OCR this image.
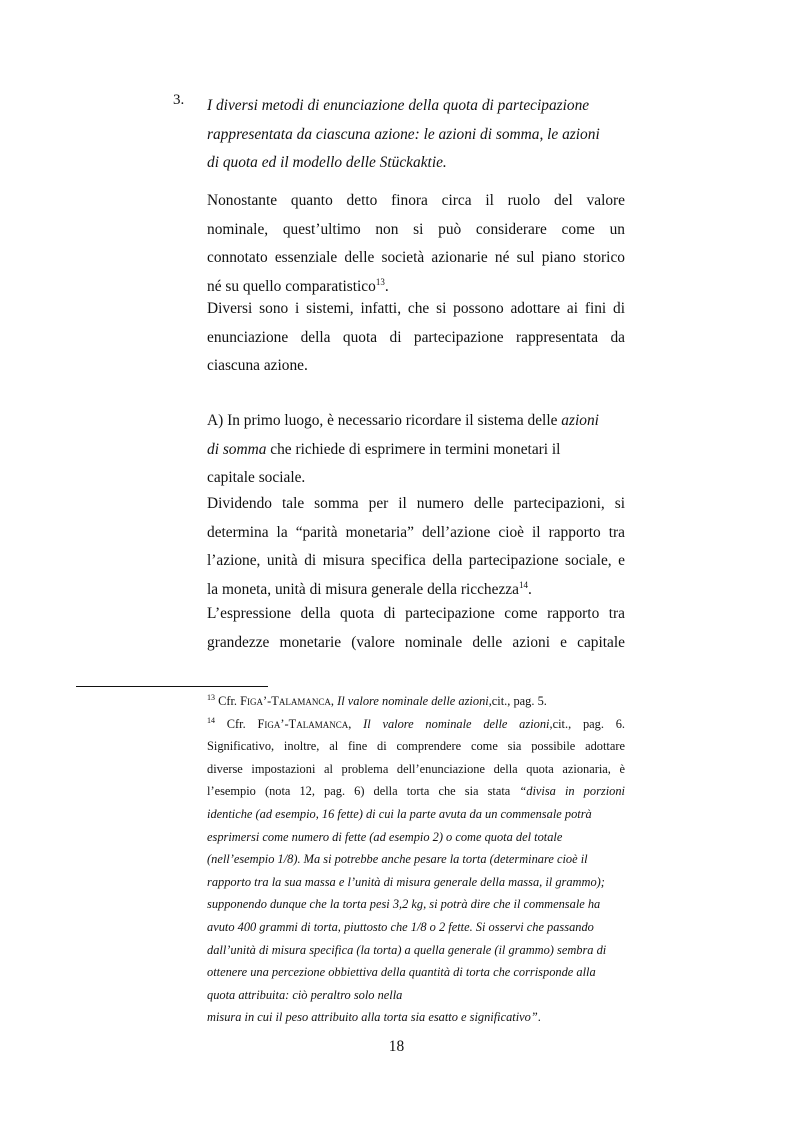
3. I diversi metodi di enunciazione della quota di partecipazione
rappresentata da ciascuna azione: le azioni di somma, le azioni
di quota ed il modello delle Stückaktie.

Nonostante quanto detto finora circa il ruolo del valore
nominale, quest’ultimo non si può considerare come un
connotato essenziale delle società azionarie né sul piano storico
né su quello comparatistico$^{13}$.

Diversi sono i sistemi, infatti, che si possono adottare ai fini di
enunciazione della quota di partecipazione rappresentata da
ciascuna azione.

A) In primo luogo, è necessario ricordare il sistema delle azioni
di somma che richiede di esprimere in termini monetari il
capitale sociale.

Dividendo tale somma per il numero delle partecipazioni, si
determina la “parità monetaria” dell’azione cioè il rapporto tra
l’azione, unità di misura specifica della partecipazione sociale, e
la moneta, unità di misura generale della ricchezza$^{14}$.

L’espressione della quota di partecipazione come rapporto tra
grandezze monetarie (valore nominale delle azioni e capitale

$^{13}$ Cfr. Figa’-Talamanca, Il valore nominale delle azioni,cit., pag. 5.

$^{14}$ Cfr. Figa’-Talamanca, Il valore nominale delle azioni,cit., pag. 6.
Significativo, inoltre, al fine di comprendere come sia possibile adottare
diverse impostazioni al problema dell’enunciazione della quota azionaria, è
l’esempio (nota 12, pag. 6) della torta che sia stata “divisa in porzioni
identiche (ad esempio, 16 fette) di cui la parte avuta da un commensale potrà esprimersi come numero di fette (ad esempio 2) o come quota del totale (nell’esempio 1/8). Ma si potrebbe anche pesare la torta (determinare cioè il rapporto tra la sua massa e l’unità di misura generale della massa, il grammo); supponendo dunque che la torta pesi 3,2 kg, si potrà dire che il commensale ha avuto 400 grammi di torta, piuttosto che 1/8 o 2 fette. Si osservi che passando dall’unità di misura specifica (la torta) a quella generale (il grammo) sembra di ottenere una percezione obbiettiva della quantità di torta che corrisponde alla quota attribuita: ciò peraltro solo nella
misura in cui il peso attribuito alla torta sia esatto e significativo”.

18
